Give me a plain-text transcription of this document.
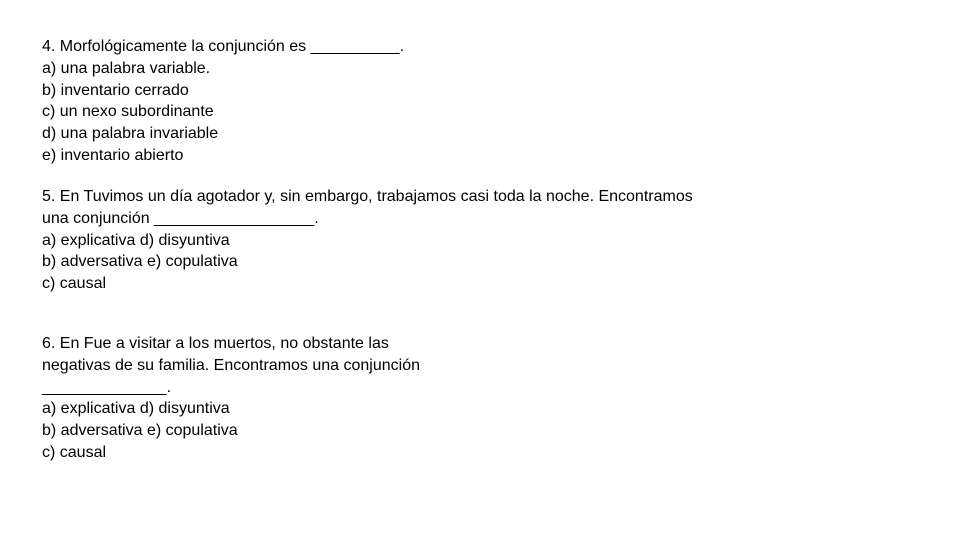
4. Morfológicamente la conjunción es __________.
a) una palabra variable.
b) inventario cerrado
c) un nexo subordinante
d) una palabra invariable
e) inventario abierto
5. En Tuvimos un día agotador y, sin embargo, trabajamos casi toda la noche. Encontramos
una conjunción __________________.
a) explicativa d) disyuntiva
b) adversativa e) copulativa
c) causal
6. En Fue a visitar a los muertos, no obstante las
negativas de su familia. Encontramos una conjunción
______________.
a) explicativa d) disyuntiva
b) adversativa e) copulativa
c) causal
